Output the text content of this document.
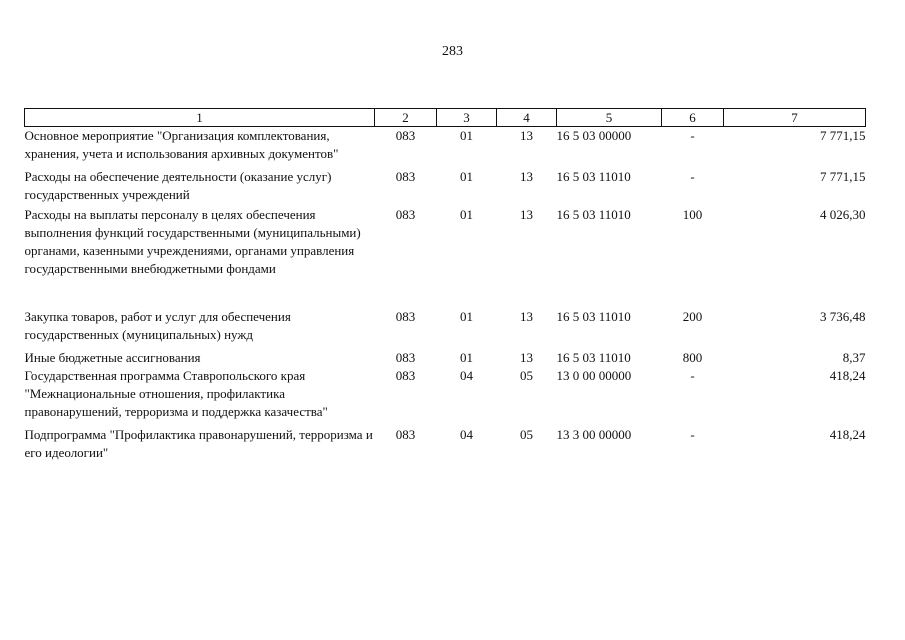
283
1	2	3	4	5	6	7
Основное мероприятие "Организация комплектования, хранения, учета и использования архивных документов"	083	01	13	16 5 03 00000	-	7 771,15
Расходы на обеспечение деятельности (оказание услуг) государственных учреждений	083	01	13	16 5 03 11010	-	7 771,15
Расходы на выплаты персоналу в целях обеспечения выполнения функций государственными (муниципальными) органами, казенными учреждениями, органами управления государственными внебюджетными фондами	083	01	13	16 5 03 11010	100	4 026,30
Закупка товаров, работ и услуг для обеспечения государственных (муниципальных) нужд	083	01	13	16 5 03 11010	200	3 736,48
Иные бюджетные ассигнования	083	01	13	16 5 03 11010	800	8,37
Государственная программа Ставропольского края "Межнациональные отношения, профилактика правонарушений, терроризма и поддержка казачества"	083	04	05	13 0 00 00000	-	418,24
Подпрограмма "Профилактика правонарушений, терроризма и его идеологии"	083	04	05	13 3 00 00000	-	418,24
